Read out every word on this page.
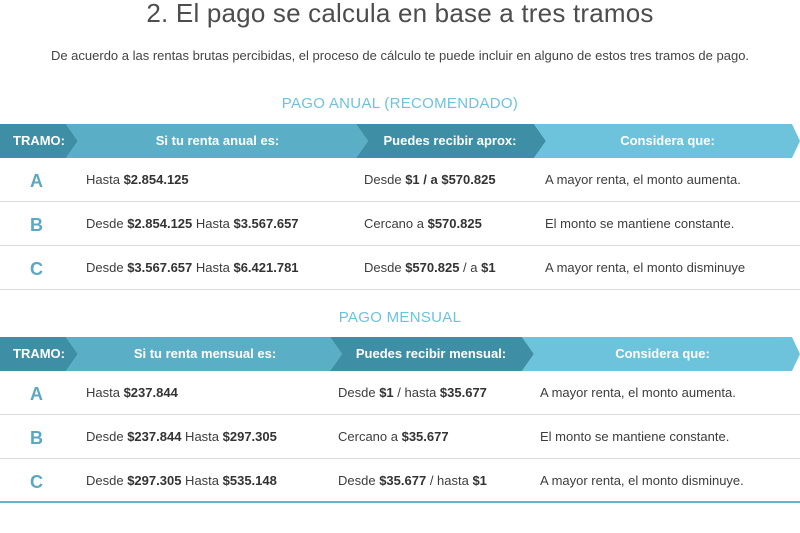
2. El pago se calcula en base a tres tramos
De acuerdo a las rentas brutas percibidas, el proceso de cálculo te puede incluir en alguno de estos tres tramos de pago.
PAGO ANUAL (RECOMENDADO)
TRAMO:	Si tu renta anual es:	Puedes recibir aprox:	Considera que:
A	Hasta $2.854.125	Desde $1 / a $570.825	A mayor renta, el monto aumenta.
B	Desde $2.854.125 Hasta $3.567.657	Cercano a $570.825	El monto se mantiene constante.
C	Desde $3.567.657 Hasta $6.421.781	Desde $570.825 / a $1	A mayor renta, el monto disminuye
PAGO MENSUAL
TRAMO:	Si tu renta mensual es:	Puedes recibir mensual:	Considera que:
A	Hasta $237.844	Desde $1 / hasta $35.677	A mayor renta, el monto aumenta.
B	Desde $237.844 Hasta $297.305	Cercano a $35.677	El monto se mantiene constante.
C	Desde $297.305 Hasta $535.148	Desde $35.677 / hasta $1	A mayor renta, el monto disminuye.
